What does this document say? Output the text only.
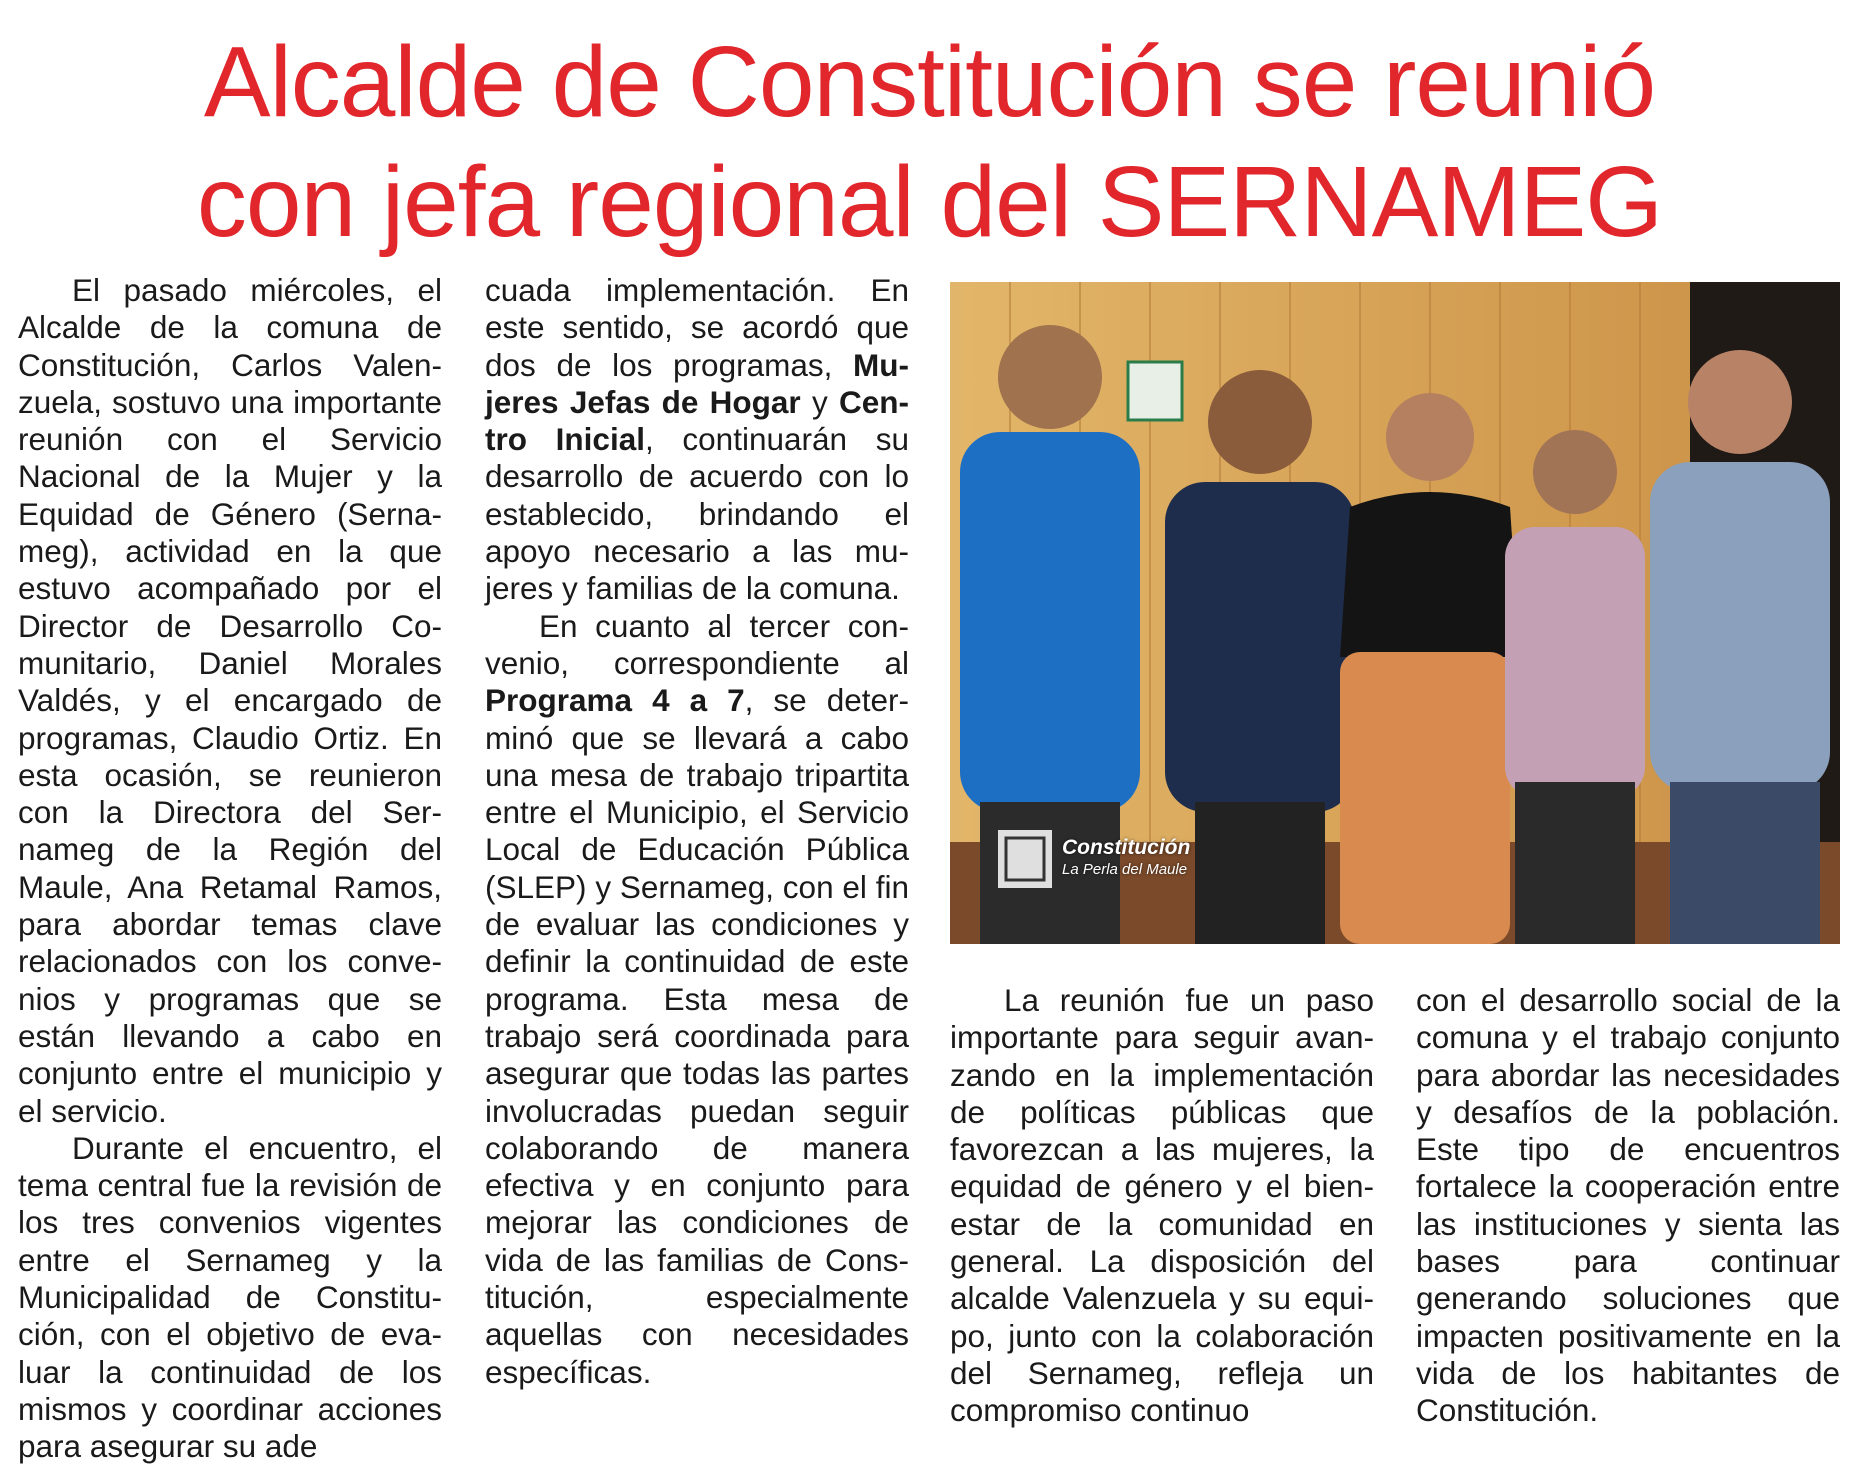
Alcalde de Constitución se reunió
con jefa regional del SERNAMEG

El pasado miércoles, el Alcalde de la comuna de Constitución, Carlos Valenzuela, sostuvo una importante reunión con el Servicio Nacional de la Mujer y la Equidad de Género (Sernameg), actividad en la que estuvo acompañado por el Director de Desarrollo Comunitario, Daniel Morales Valdés, y el encargado de programas, Claudio Ortiz. En esta ocasión, se reunieron con la Directora del Sernameg de la Región del Maule, Ana Retamal Ramos, para abordar temas clave relacionados con los convenios y programas que se están llevando a cabo en conjunto entre el municipio y el servicio.

Durante el encuentro, el tema central fue la revisión de los tres convenios vigentes entre el Sernameg y la Municipalidad de Constitución, con el objetivo de evaluar la continuidad de los mismos y coordinar acciones para asegurar su ade

cuada implementación. En este sentido, se acordó que dos de los programas, Mujeres Jefas de Hogar y Centro Inicial, continuarán su desarrollo de acuerdo con lo establecido, brindando el apoyo necesario a las mujeres y familias de la comuna.

En cuanto al tercer convenio, correspondiente al Programa 4 a 7, se determinó que se llevará a cabo una mesa de trabajo tripartita entre el Municipio, el Servicio Local de Educación Pública (SLEP) y Sernameg, con el fin de evaluar las condiciones y definir la continuidad de este programa. Esta mesa de trabajo será coordinada para asegurar que todas las partes involucradas puedan seguir colaborando de manera efectiva y en conjunto para mejorar las condiciones de vida de las familias de Constitución, especialmente aquellas con necesidades específicas.

Constitución
La Perla del Maule

La reunión fue un paso importante para seguir avanzando en la implementación de políticas públicas que favorezcan a las mujeres, la equidad de género y el bienestar de la comunidad en general. La disposición del alcalde Valenzuela y su equipo, junto con la colaboración del Sernameg, refleja un compromiso continuo

con el desarrollo social de la comuna y el trabajo conjunto para abordar las necesidades y desafíos de la población. Este tipo de encuentros fortalece la cooperación entre las instituciones y sienta las bases para continuar generando soluciones que impacten positivamente en la vida de los habitantes de Constitución.
